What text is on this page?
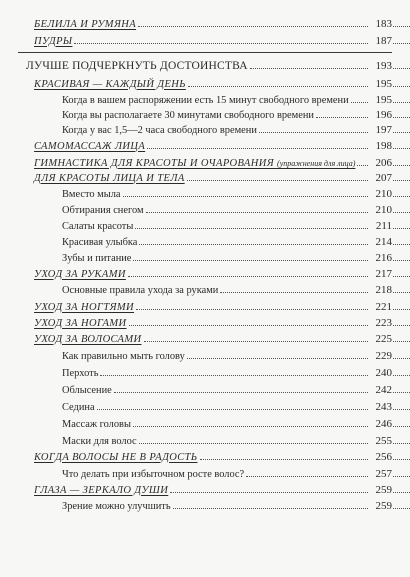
БЕЛИЛА И РУМЯНА	183
ПУДРЫ	187
ЛУЧШЕ ПОДЧЕРКНУТЬ ДОСТОИНСТВА	193
КРАСИВАЯ — КАЖДЫЙ ДЕНЬ	195
Когда в вашем распоряжении есть 15 минут свободного времени	195
Когда вы располагаете 30 минутами свободного времени	196
Когда у вас 1,5—2 часа свободного времени	197
САМОМАССАЖ ЛИЦА	198
ГИМНАСТИКА ДЛЯ КРАСОТЫ И ОЧАРОВАНИЯ (упражнения для лица)	206
ДЛЯ КРАСОТЫ ЛИЦА И ТЕЛА	207
Вместо мыла	210
Обтирания снегом	210
Салаты красоты	211
Красивая улыбка	214
Зубы и питание	216
УХОД ЗА РУКАМИ	217
Основные правила ухода за руками	218
УХОД ЗА НОГТЯМИ	221
УХОД ЗА НОГАМИ	223
УХОД ЗА ВОЛОСАМИ	225
Как правильно мыть голову	229
Перхоть	240
Облысение	242
Седина	243
Массаж головы	246
Маски для волос	255
КОГДА ВОЛОСЫ НЕ В РАДОСТЬ	256
Что делать при избыточном росте волос?	257
ГЛАЗА — ЗЕРКАЛО ДУШИ	259
Зрение можно улучшить	259
